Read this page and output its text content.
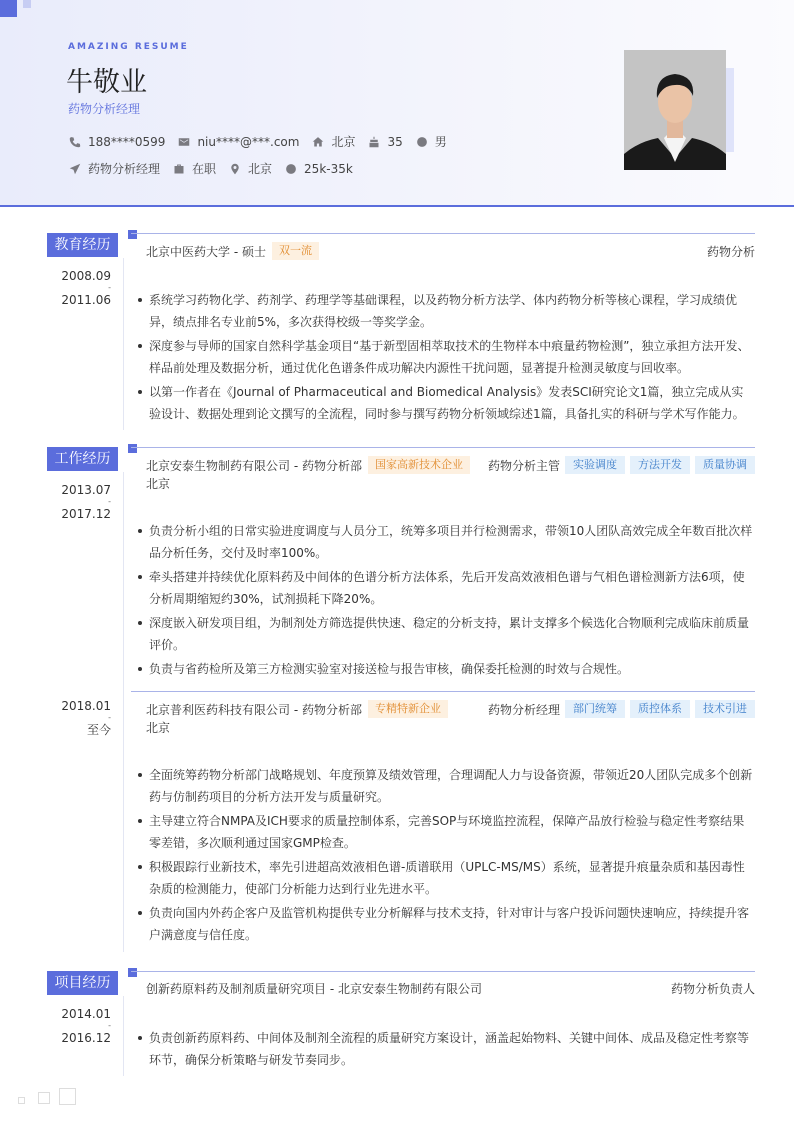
AMAZING RESUME
牛敬业
药物分析经理
188****0599	niu****@***.com	北京	35	男
药物分析经理	在职	北京	25k-35k
教育经历
2008.09
-
2011.06
北京中医药大学 - 硕士	双一流	药物分析
系统学习药物化学、药剂学、药理学等基础课程，以及药物分析方法学、体内药物分析等核心课程，学习成绩优异，绩点排名专业前5%，多次获得校级一等奖学金。
深度参与导师的国家自然科学基金项目“基于新型固相萃取技术的生物样本中痕量药物检测”，独立承担方法开发、样品前处理及数据分析，通过优化色谱条件成功解决内源性干扰问题，显著提升检测灵敏度与回收率。
以第一作者在《Journal of Pharmaceutical and Biomedical Analysis》发表SCI研究论文1篇，独立完成从实验设计、数据处理到论文撰写的全流程，同时参与撰写药物分析领域综述1篇，具备扎实的科研与学术写作能力。
工作经历
2013.07
-
2017.12
北京安泰生物制药有限公司 - 药物分析部	国家高新技术企业	药物分析主管	实验调度	方法开发	质量协调
北京
负责分析小组的日常实验进度调度与人员分工，统筹多项目并行检测需求，带领10人团队高效完成全年数百批次样品分析任务，交付及时率100%。
牵头搭建并持续优化原料药及中间体的色谱分析方法体系，先后开发高效液相色谱与气相色谱检测新方法6项，使分析周期缩短约30%，试剂损耗下降20%。
深度嵌入研发项目组，为制剂处方筛选提供快速、稳定的分析支持，累计支撑多个候选化合物顺利完成临床前质量评价。
负责与省药检所及第三方检测实验室对接送检与报告审核，确保委托检测的时效与合规性。
2018.01
-
至今
北京普利医药科技有限公司 - 药物分析部	专精特新企业	药物分析经理	部门统筹	质控体系	技术引进
北京
全面统筹药物分析部门战略规划、年度预算及绩效管理，合理调配人力与设备资源，带领近20人团队完成多个创新药与仿制药项目的分析方法开发与质量研究。
主导建立符合NMPA及ICH要求的质量控制体系，完善SOP与环境监控流程，保障产品放行检验与稳定性考察结果零差错，多次顺利通过国家GMP检查。
积极跟踪行业新技术，率先引进超高效液相色谱-质谱联用（UPLC-MS/MS）系统，显著提升痕量杂质和基因毒性杂质的检测能力，使部门分析能力达到行业先进水平。
负责向国内外药企客户及监管机构提供专业分析解释与技术支持，针对审计与客户投诉问题快速响应，持续提升客户满意度与信任度。
项目经历
2014.01
-
2016.12
创新药原料药及制剂质量研究项目 - 北京安泰生物制药有限公司	药物分析负责人
负责创新药原料药、中间体及制剂全流程的质量研究方案设计，涵盖起始物料、关键中间体、成品及稳定性考察等环节，确保分析策略与研发节奏同步。
